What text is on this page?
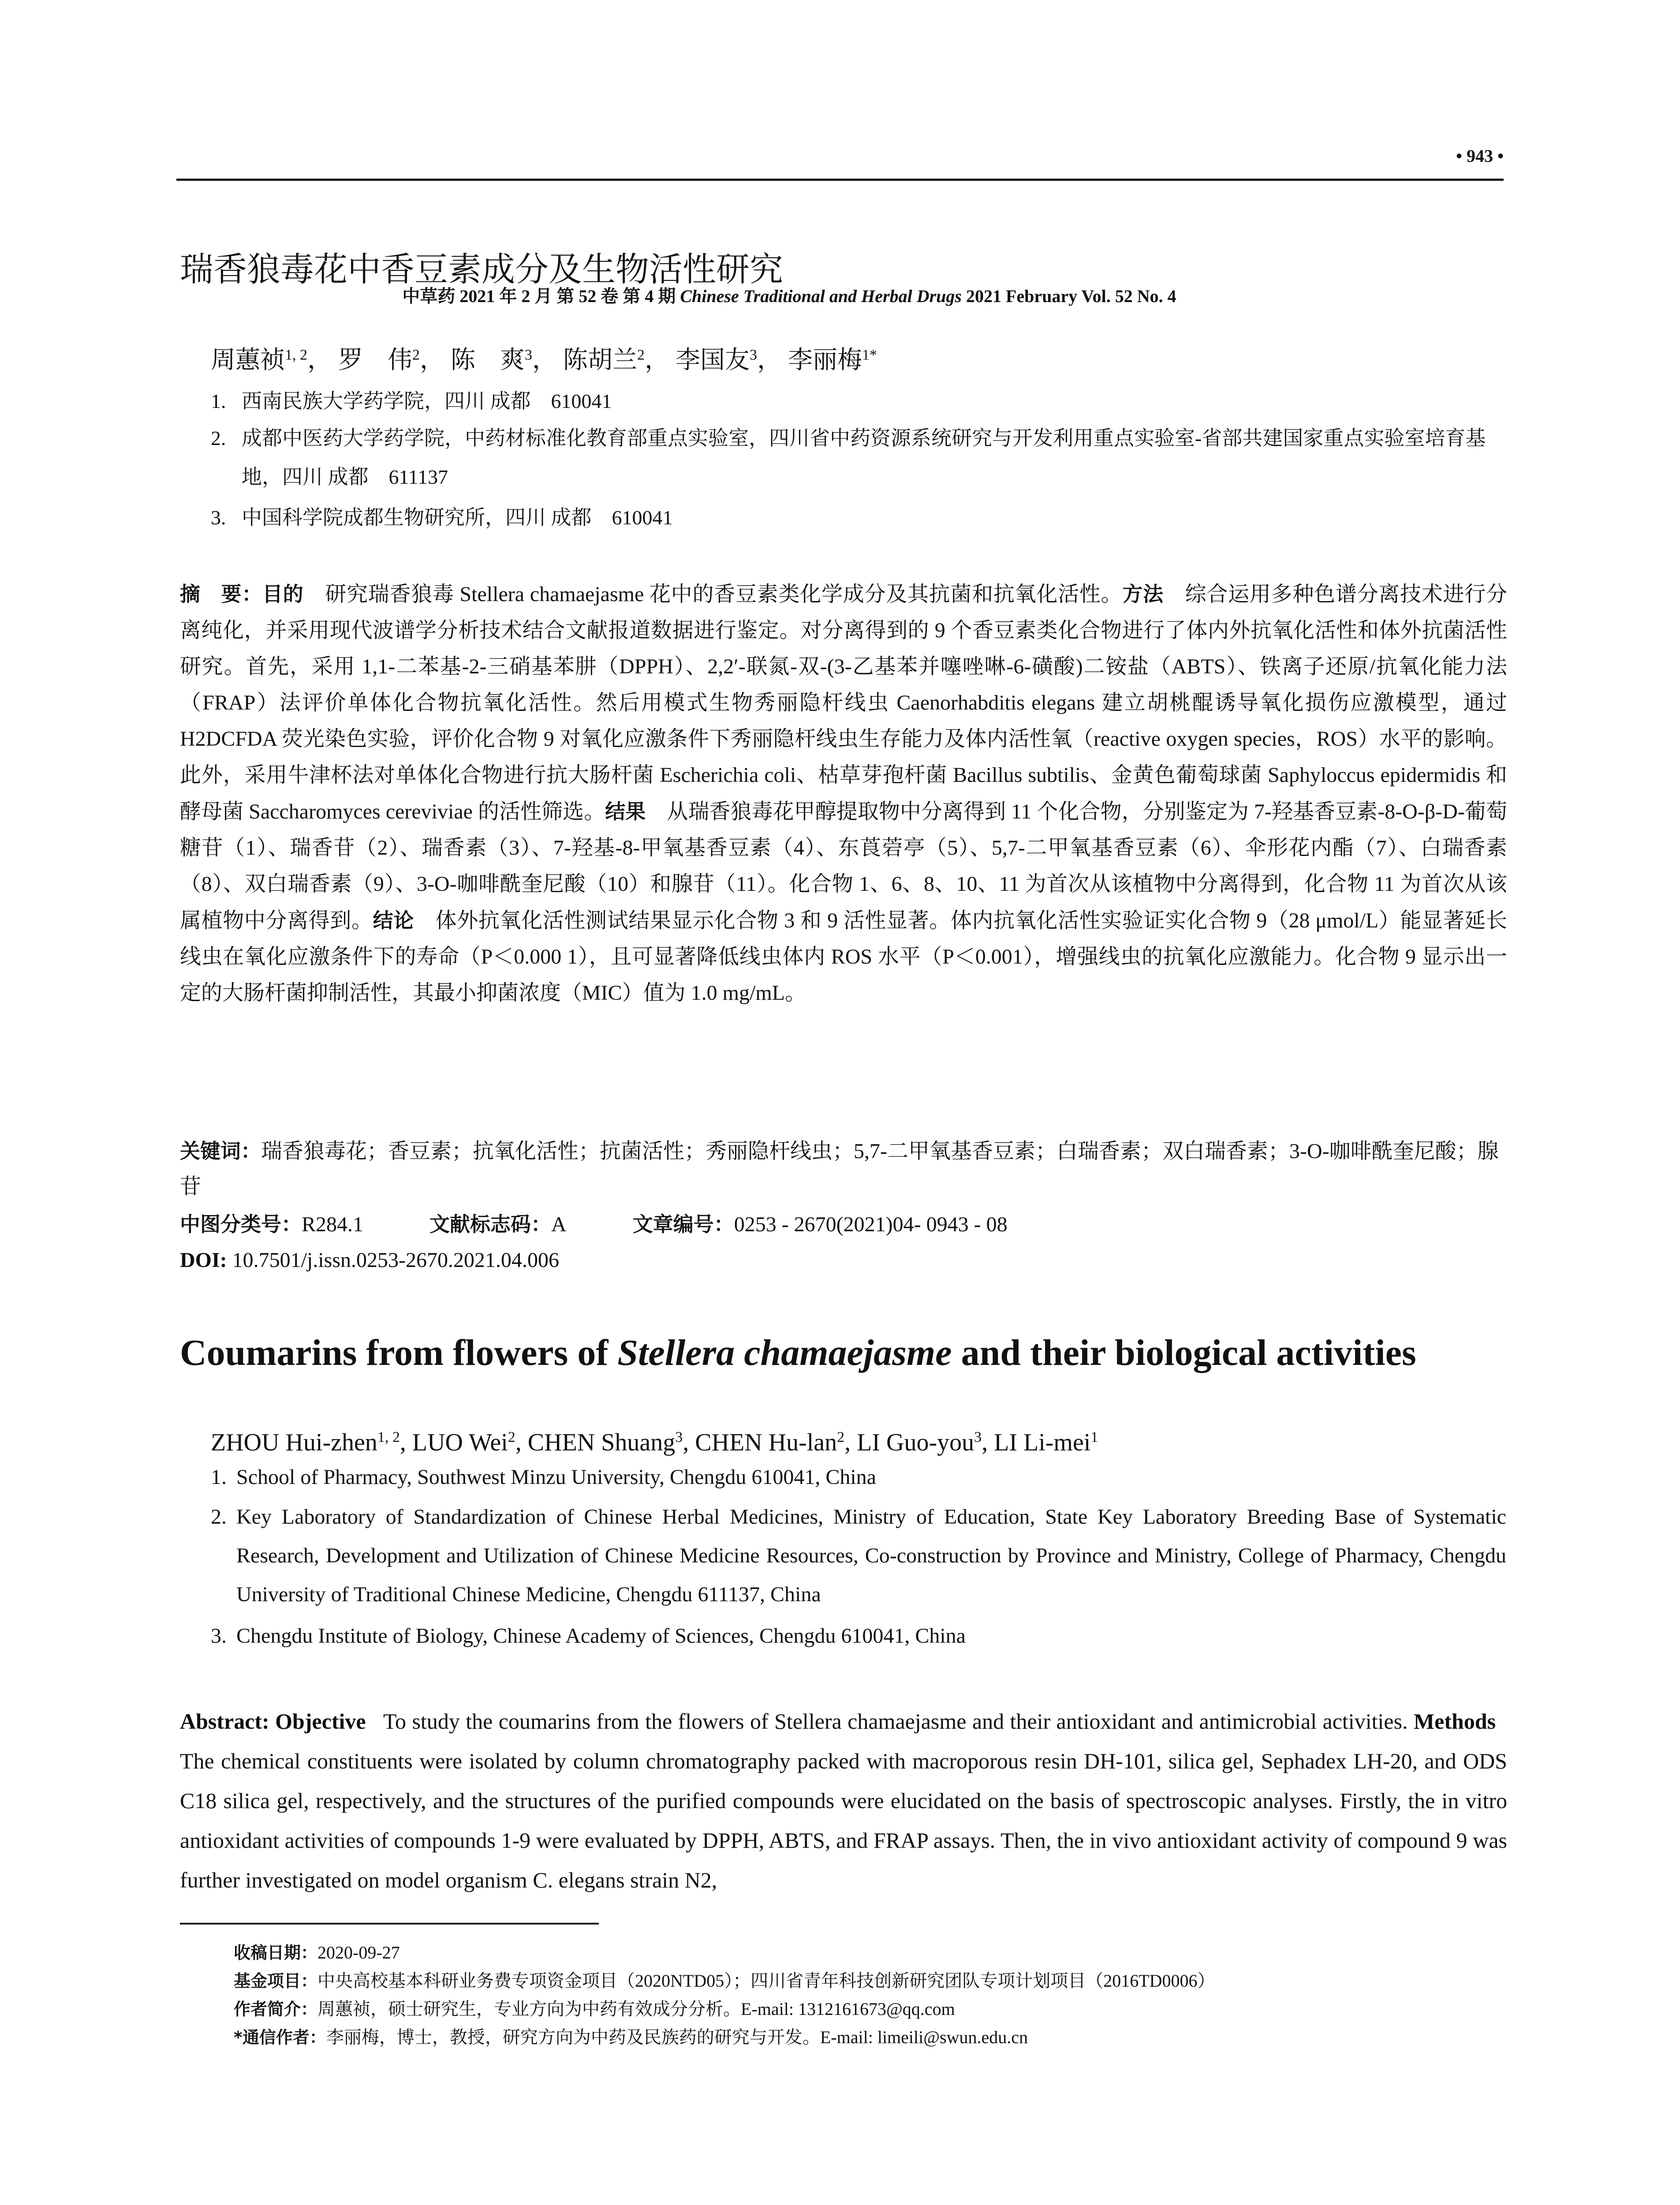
中草药 2021 年 2 月 第 52 卷 第 4 期 Chinese Traditional and Herbal Drugs 2021 February Vol. 52 No. 4
• 943 •
瑞香狼毒花中香豆素成分及生物活性研究
周蕙祯$^{1, 2}$， 罗　伟$^2$， 陈　爽$^3$， 陈胡兰$^2$， 李国友$^3$， 李丽梅$^{1*}$
1. 西南民族大学药学院，四川 成都　610041
2. 成都中医药大学药学院，中药材标准化教育部重点实验室，四川省中药资源系统研究与开发利用重点实验室-省部共建国家重点实验室培育基地，四川 成都　611137
3. 中国科学院成都生物研究所，四川 成都　610041
摘　要：目的　 研究瑞香狼毒 Stellera chamaejasme 花中的香豆素类化学成分及其抗菌和抗氧化活性。方法　 综合运用多种色谱分离技术进行分离纯化，并采用现代波谱学分析技术结合文献报道数据进行鉴定。对分离得到的 9 个香豆素类化合物进行了体内外抗氧化活性和体外抗菌活性研究。首先，采用 1,1-二苯基-2-三硝基苯肼（DPPH）、2,2′-联氮-双-(3-乙基苯并噻唑啉-6-磺酸)二铵盐（ABTS）、铁离子还原/抗氧化能力法（FRAP）法评价单体化合物抗氧化活性。然后用模式生物秀丽隐杆线虫 Caenorhabditis elegans 建立胡桃醌诱导氧化损伤应激模型，通过 H2DCFDA 荧光染色实验，评价化合物 9 对氧化应激条件下秀丽隐杆线虫生存能力及体内活性氧（reactive oxygen species，ROS）水平的影响。此外，采用牛津杯法对单体化合物进行抗大肠杆菌 Escherichia coli、枯草芽孢杆菌 Bacillus subtilis、金黄色葡萄球菌 Saphyloccus epidermidis 和酵母菌 Saccharomyces cereviviae 的活性筛选。结果　 从瑞香狼毒花甲醇提取物中分离得到 11 个化合物，分别鉴定为 7-羟基香豆素-8-O-β-D-葡萄糖苷（1）、瑞香苷（2）、瑞香素（3）、7-羟基-8-甲氧基香豆素（4）、东莨菪亭（5）、5,7-二甲氧基香豆素（6）、伞形花内酯（7）、白瑞香素（8）、双白瑞香素（9）、3-O-咖啡酰奎尼酸（10）和腺苷（11）。化合物 1、6、8、10、11 为首次从该植物中分离得到，化合物 11 为首次从该属植物中分离得到。结论　 体外抗氧化活性测试结果显示化合物 3 和 9 活性显著。体内抗氧化活性实验证实化合物 9（28 μmol/L）能显著延长线虫在氧化应激条件下的寿命（P＜0.000 1），且可显著降低线虫体内 ROS 水平（P＜0.001），增强线虫的抗氧化应激能力。化合物 9 显示出一定的大肠杆菌抑制活性，其最小抑菌浓度（MIC）值为 1.0 mg/mL。
关键词：瑞香狼毒花；香豆素；抗氧化活性；抗菌活性；秀丽隐杆线虫；5,7-二甲氧基香豆素；白瑞香素；双白瑞香素；3-O-咖啡酰奎尼酸；腺苷
中图分类号：R284.1	文献标志码：A	文章编号：0253 - 2670(2021)04- 0943 - 08
DOI: 10.7501/j.issn.0253-2670.2021.04.006
Coumarins from flowers of Stellera chamaejasme and their biological activities
ZHOU Hui-zhen$^{1, 2}$, LUO Wei$^2$, CHEN Shuang$^3$, CHEN Hu-lan$^2$, LI Guo-you$^3$, LI Li-mei$^1$
1. School of Pharmacy, Southwest Minzu University, Chengdu 610041, China
2. Key Laboratory of Standardization of Chinese Herbal Medicines, Ministry of Education, State Key Laboratory Breeding Base of Systematic Research, Development and Utilization of Chinese Medicine Resources, Co-construction by Province and Ministry, College of Pharmacy, Chengdu University of Traditional Chinese Medicine, Chengdu 611137, China
3. Chengdu Institute of Biology, Chinese Academy of Sciences, Chengdu 610041, China
Abstract: Objective To study the coumarins from the flowers of Stellera chamaejasme and their antioxidant and antimicrobial activities. Methods   The chemical constituents were isolated by column chromatography packed with macroporous resin DH-101, silica gel, Sephadex LH-20, and ODS C18 silica gel, respectively, and the structures of the purified compounds were elucidated on the basis of spectroscopic analyses. Firstly, the in vitro antioxidant activities of compounds 1-9 were evaluated by DPPH, ABTS, and FRAP assays. Then, the in vivo antioxidant activity of compound 9 was further investigated on model organism C. elegans strain N2,
收稿日期：2020-09-27
基金项目：中央高校基本科研业务费专项资金项目（2020NTD05）；四川省青年科技创新研究团队专项计划项目（2016TD0006）
作者简介：周蕙祯，硕士研究生，专业方向为中药有效成分分析。E-mail: 1312161673@qq.com
*通信作者：李丽梅，博士，教授，研究方向为中药及民族药的研究与开发。E-mail: limeili@swun.edu.cn
